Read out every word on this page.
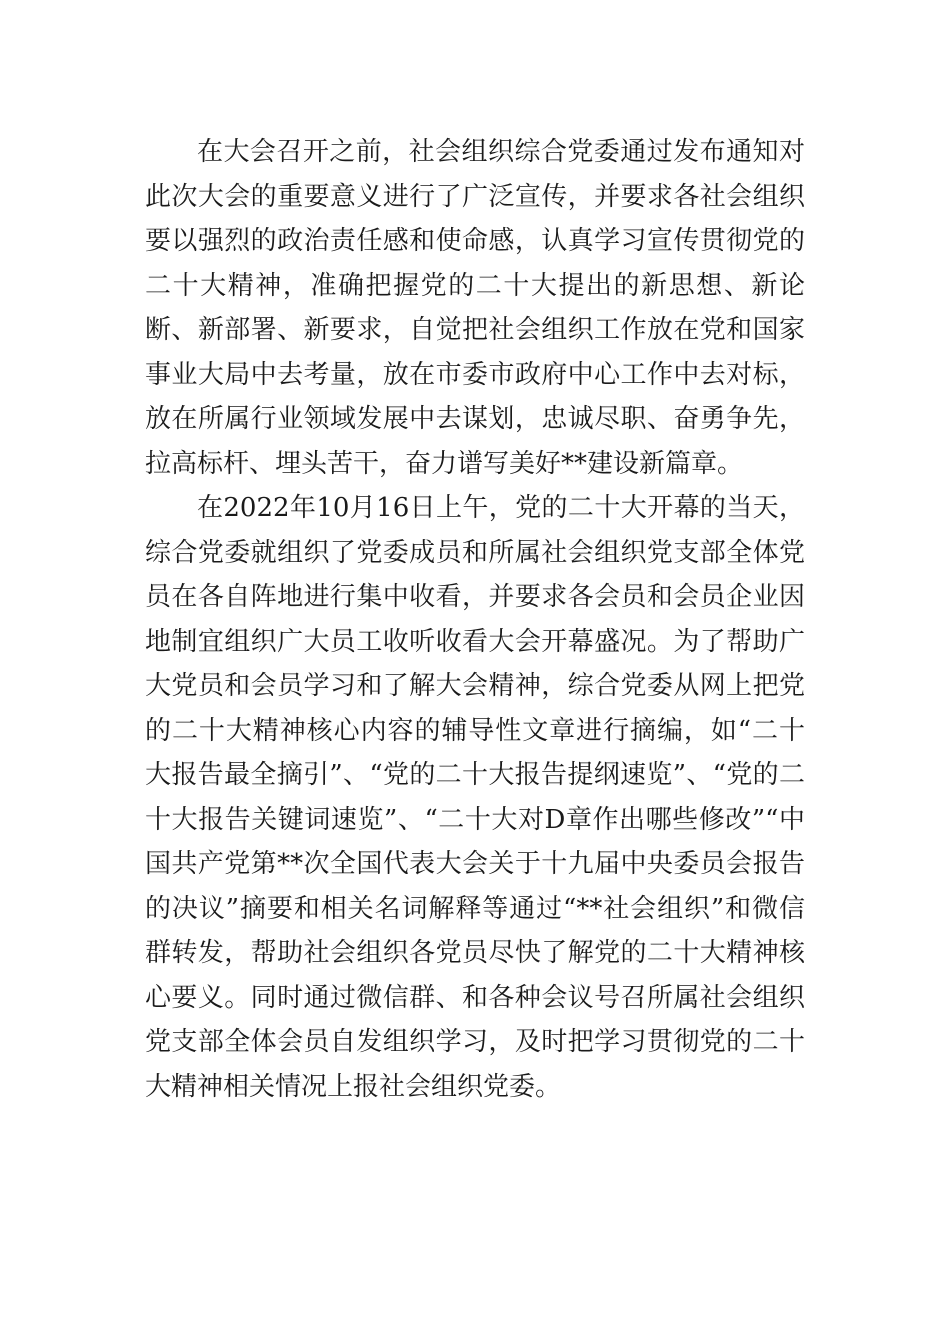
在大会召开之前，社会组织综合党委通过发布通知对此次大会的重要意义进行了广泛宣传，并要求各社会组织要以强烈的政治责任感和使命感，认真学习宣传贯彻党的二十大精神，准确把握党的二十大提出的新思想、新论断、新部署、新要求，自觉把社会组织工作放在党和国家事业大局中去考量，放在市委市政府中心工作中去对标，放在所属行业领域发展中去谋划，忠诚尽职、奋勇争先，拉高标杆、埋头苦干，奋力谱写美好**建设新篇章。

在2022年10月16日上午，党的二十大开幕的当天，综合党委就组织了党委成员和所属社会组织党支部全体党员在各自阵地进行集中收看，并要求各会员和会员企业因地制宜组织广大员工收听收看大会开幕盛况。为了帮助广大党员和会员学习和了解大会精神，综合党委从网上把党的二十大精神核心内容的辅导性文章进行摘编，如“二十大报告最全摘引”、“党的二十大报告提纲速览”、“党的二十大报告关键词速览”、“二十大对D章作出哪些修改”“中国共产党第**次全国代表大会关于十九届中央委员会报告的决议”摘要和相关名词解释等通过“**社会组织”和微信群转发，帮助社会组织各党员尽快了解党的二十大精神核心要义。同时通过微信群、和各种会议号召所属社会组织党支部全体会员自发组织学习，及时把学习贯彻党的二十大精神相关情况上报社会组织党委。
